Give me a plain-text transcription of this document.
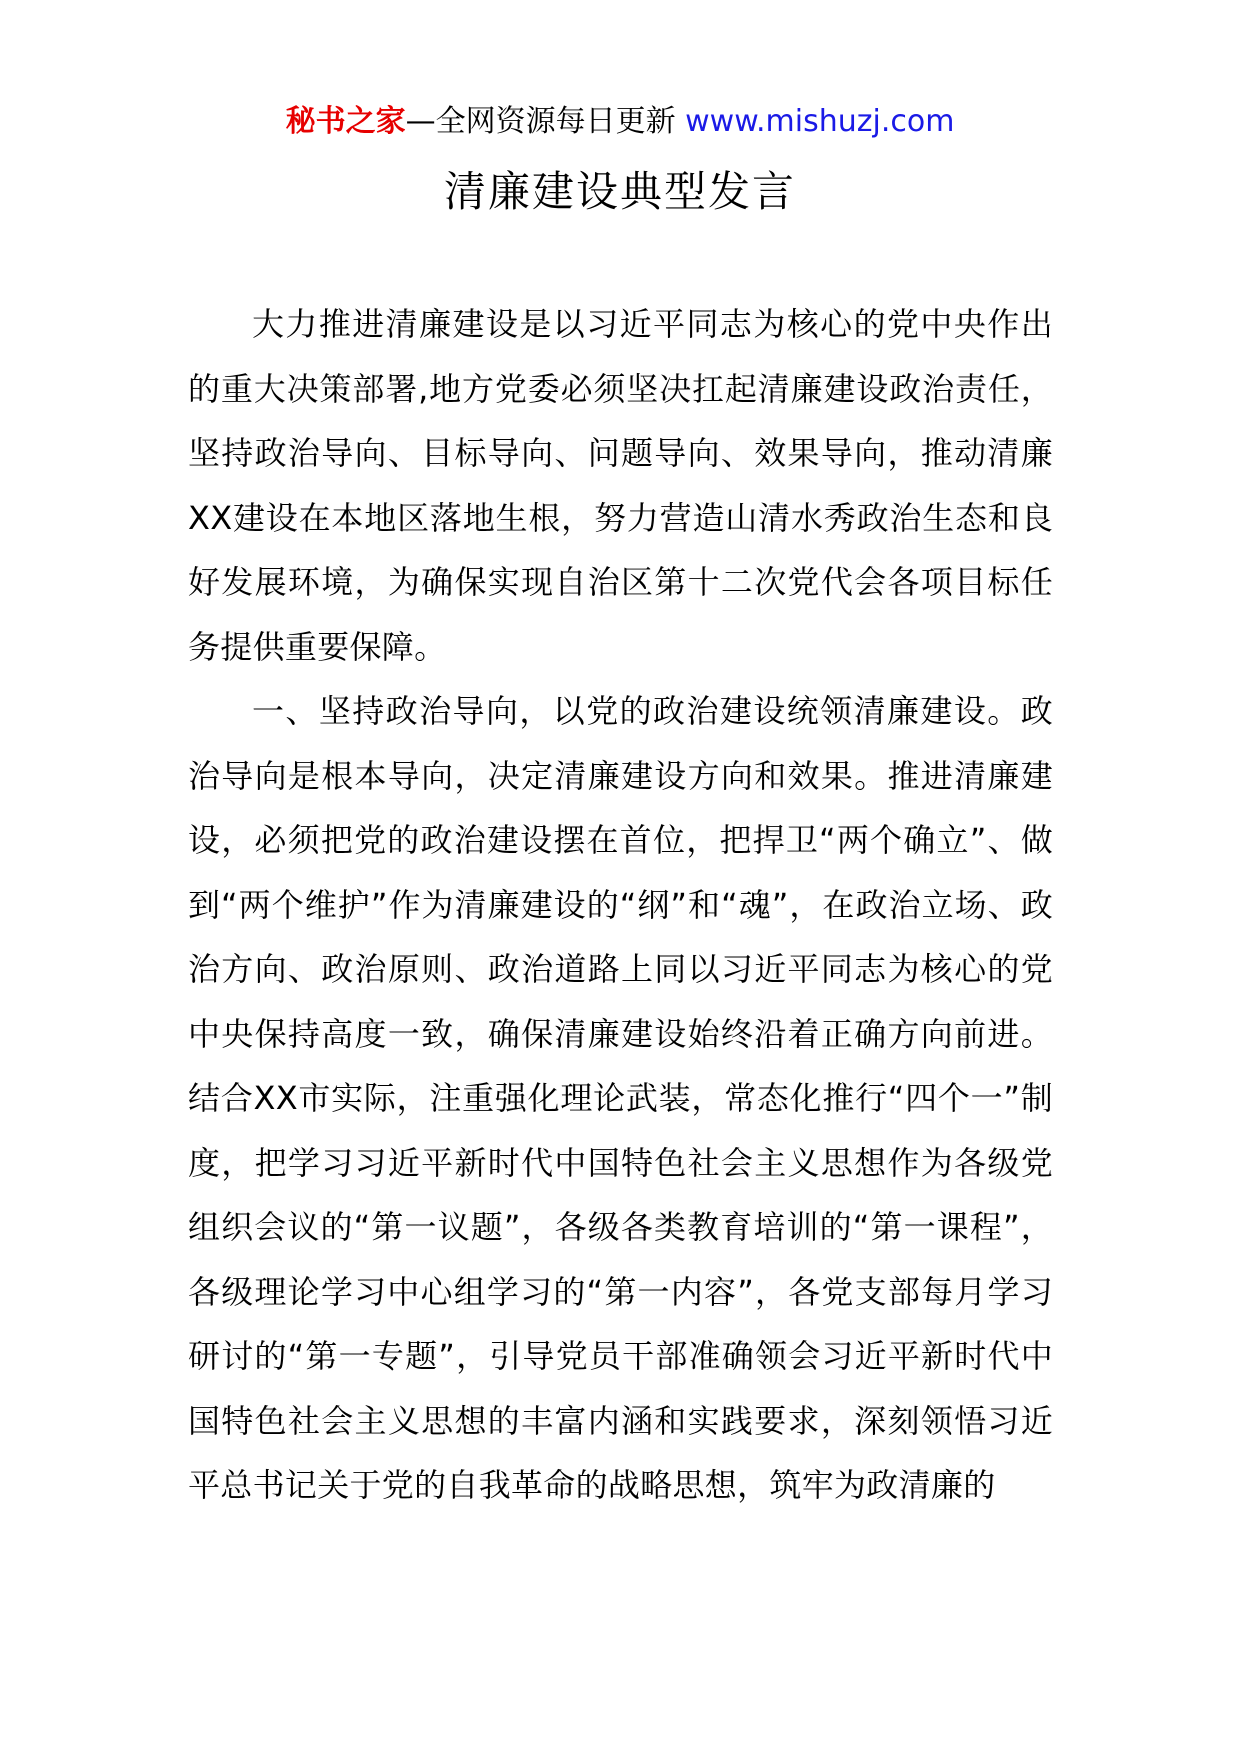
秘书之家—全网资源每日更新 www.mishuzj.com
清廉建设典型发言

大力推进清廉建设是以习近平同志为核心的党中央作出的重大决策部署,地方党委必须坚决扛起清廉建设政治责任，坚持政治导向、目标导向、问题导向、效果导向，推动清廉XX建设在本地区落地生根，努力营造山清水秀政治生态和良好发展环境，为确保实现自治区第十二次党代会各项目标任务提供重要保障。

一、坚持政治导向，以党的政治建设统领清廉建设。政治导向是根本导向，决定清廉建设方向和效果。推进清廉建设，必须把党的政治建设摆在首位，把捍卫“两个确立”、做到“两个维护”作为清廉建设的“纲”和“魂”，在政治立场、政治方向、政治原则、政治道路上同以习近平同志为核心的党中央保持高度一致，确保清廉建设始终沿着正确方向前进。结合XX市实际，注重强化理论武装，常态化推行“四个一”制度，把学习习近平新时代中国特色社会主义思想作为各级党组织会议的“第一议题”，各级各类教育培训的“第一课程”，各级理论学习中心组学习的“第一内容”，各党支部每月学习研讨的“第一专题”，引导党员干部准确领会习近平新时代中国特色社会主义思想的丰富内涵和实践要求，深刻领悟习近平总书记关于党的自我革命的战略思想，筑牢为政清廉的
